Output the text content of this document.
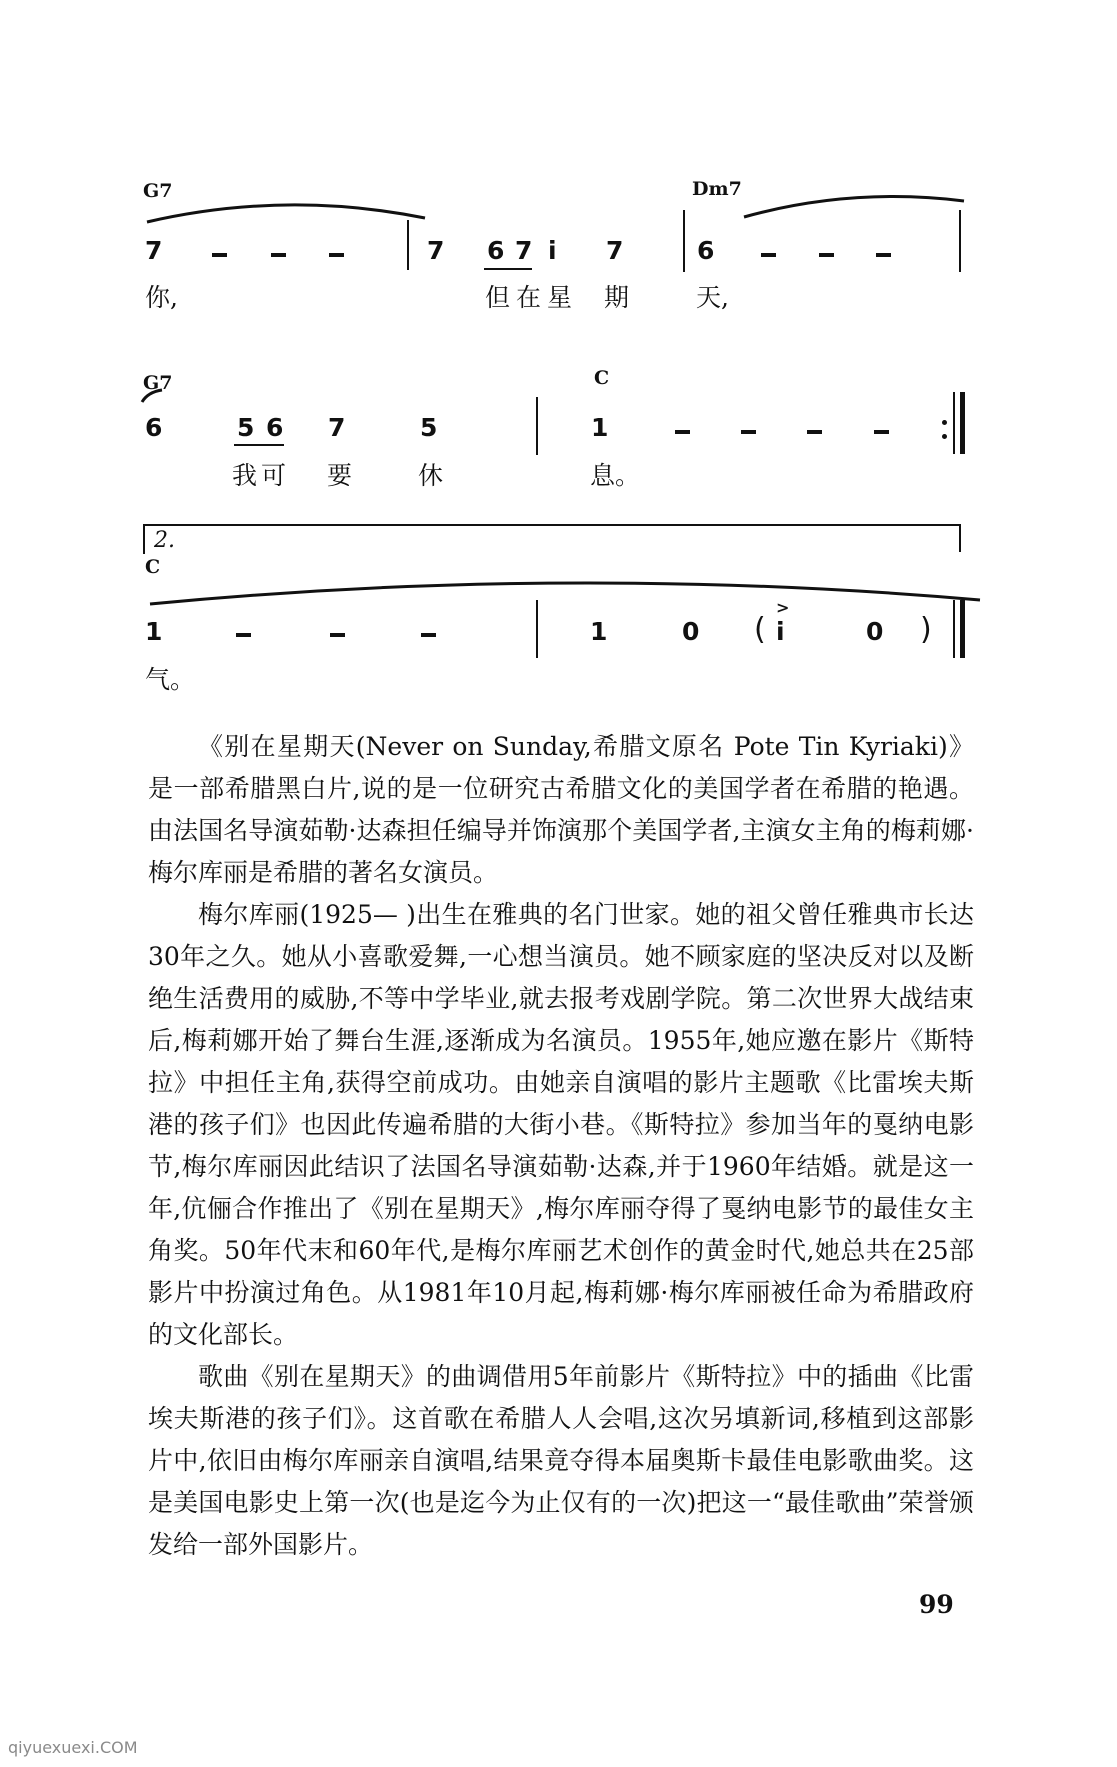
G7	Dm7
7	7 6 7 i 7	6
你,	但在星 期	天,
G7	C
6	5 6 7	5	1
我可 要	休	息。
2.
C
1	1	0 (
>
i	0 )
气。

《别在星期天(Never on Sunday,希腊文原名 Pote Tin Kyriaki)》是一部希腊黑白片,说的是一位研究古希腊文化的美国学者在希腊的艳遇。由法国名导演茹勒·达森担任编导并饰演那个美国学者,主演女主角的梅莉娜·梅尔库丽是希腊的著名女演员。

梅尔库丽(1925— )出生在雅典的名门世家。她的祖父曾任雅典市长达30年之久。她从小喜歌爱舞,一心想当演员。她不顾家庭的坚决反对以及断绝生活费用的威胁,不等中学毕业,就去报考戏剧学院。第二次世界大战结束后,梅莉娜开始了舞台生涯,逐渐成为名演员。1955年,她应邀在影片《斯特拉》中担任主角,获得空前成功。由她亲自演唱的影片主题歌《比雷埃夫斯港的孩子们》也因此传遍希腊的大街小巷。《斯特拉》参加当年的戛纳电影节,梅尔库丽因此结识了法国名导演茹勒·达森,并于1960年结婚。就是这一年,伉俪合作推出了《别在星期天》,梅尔库丽夺得了戛纳电影节的最佳女主角奖。50年代末和60年代,是梅尔库丽艺术创作的黄金时代,她总共在25部影片中扮演过角色。从1981年10月起,梅莉娜·梅尔库丽被任命为希腊政府的文化部长。

歌曲《别在星期天》的曲调借用5年前影片《斯特拉》中的插曲《比雷埃夫斯港的孩子们》。这首歌在希腊人人会唱,这次另填新词,移植到这部影片中,依旧由梅尔库丽亲自演唱,结果竟夺得本届奥斯卡最佳电影歌曲奖。这是美国电影史上第一次(也是迄今为止仅有的一次)把这一“最佳歌曲”荣誉颁发给一部外国影片。

99
qiyuexuexi.COM
